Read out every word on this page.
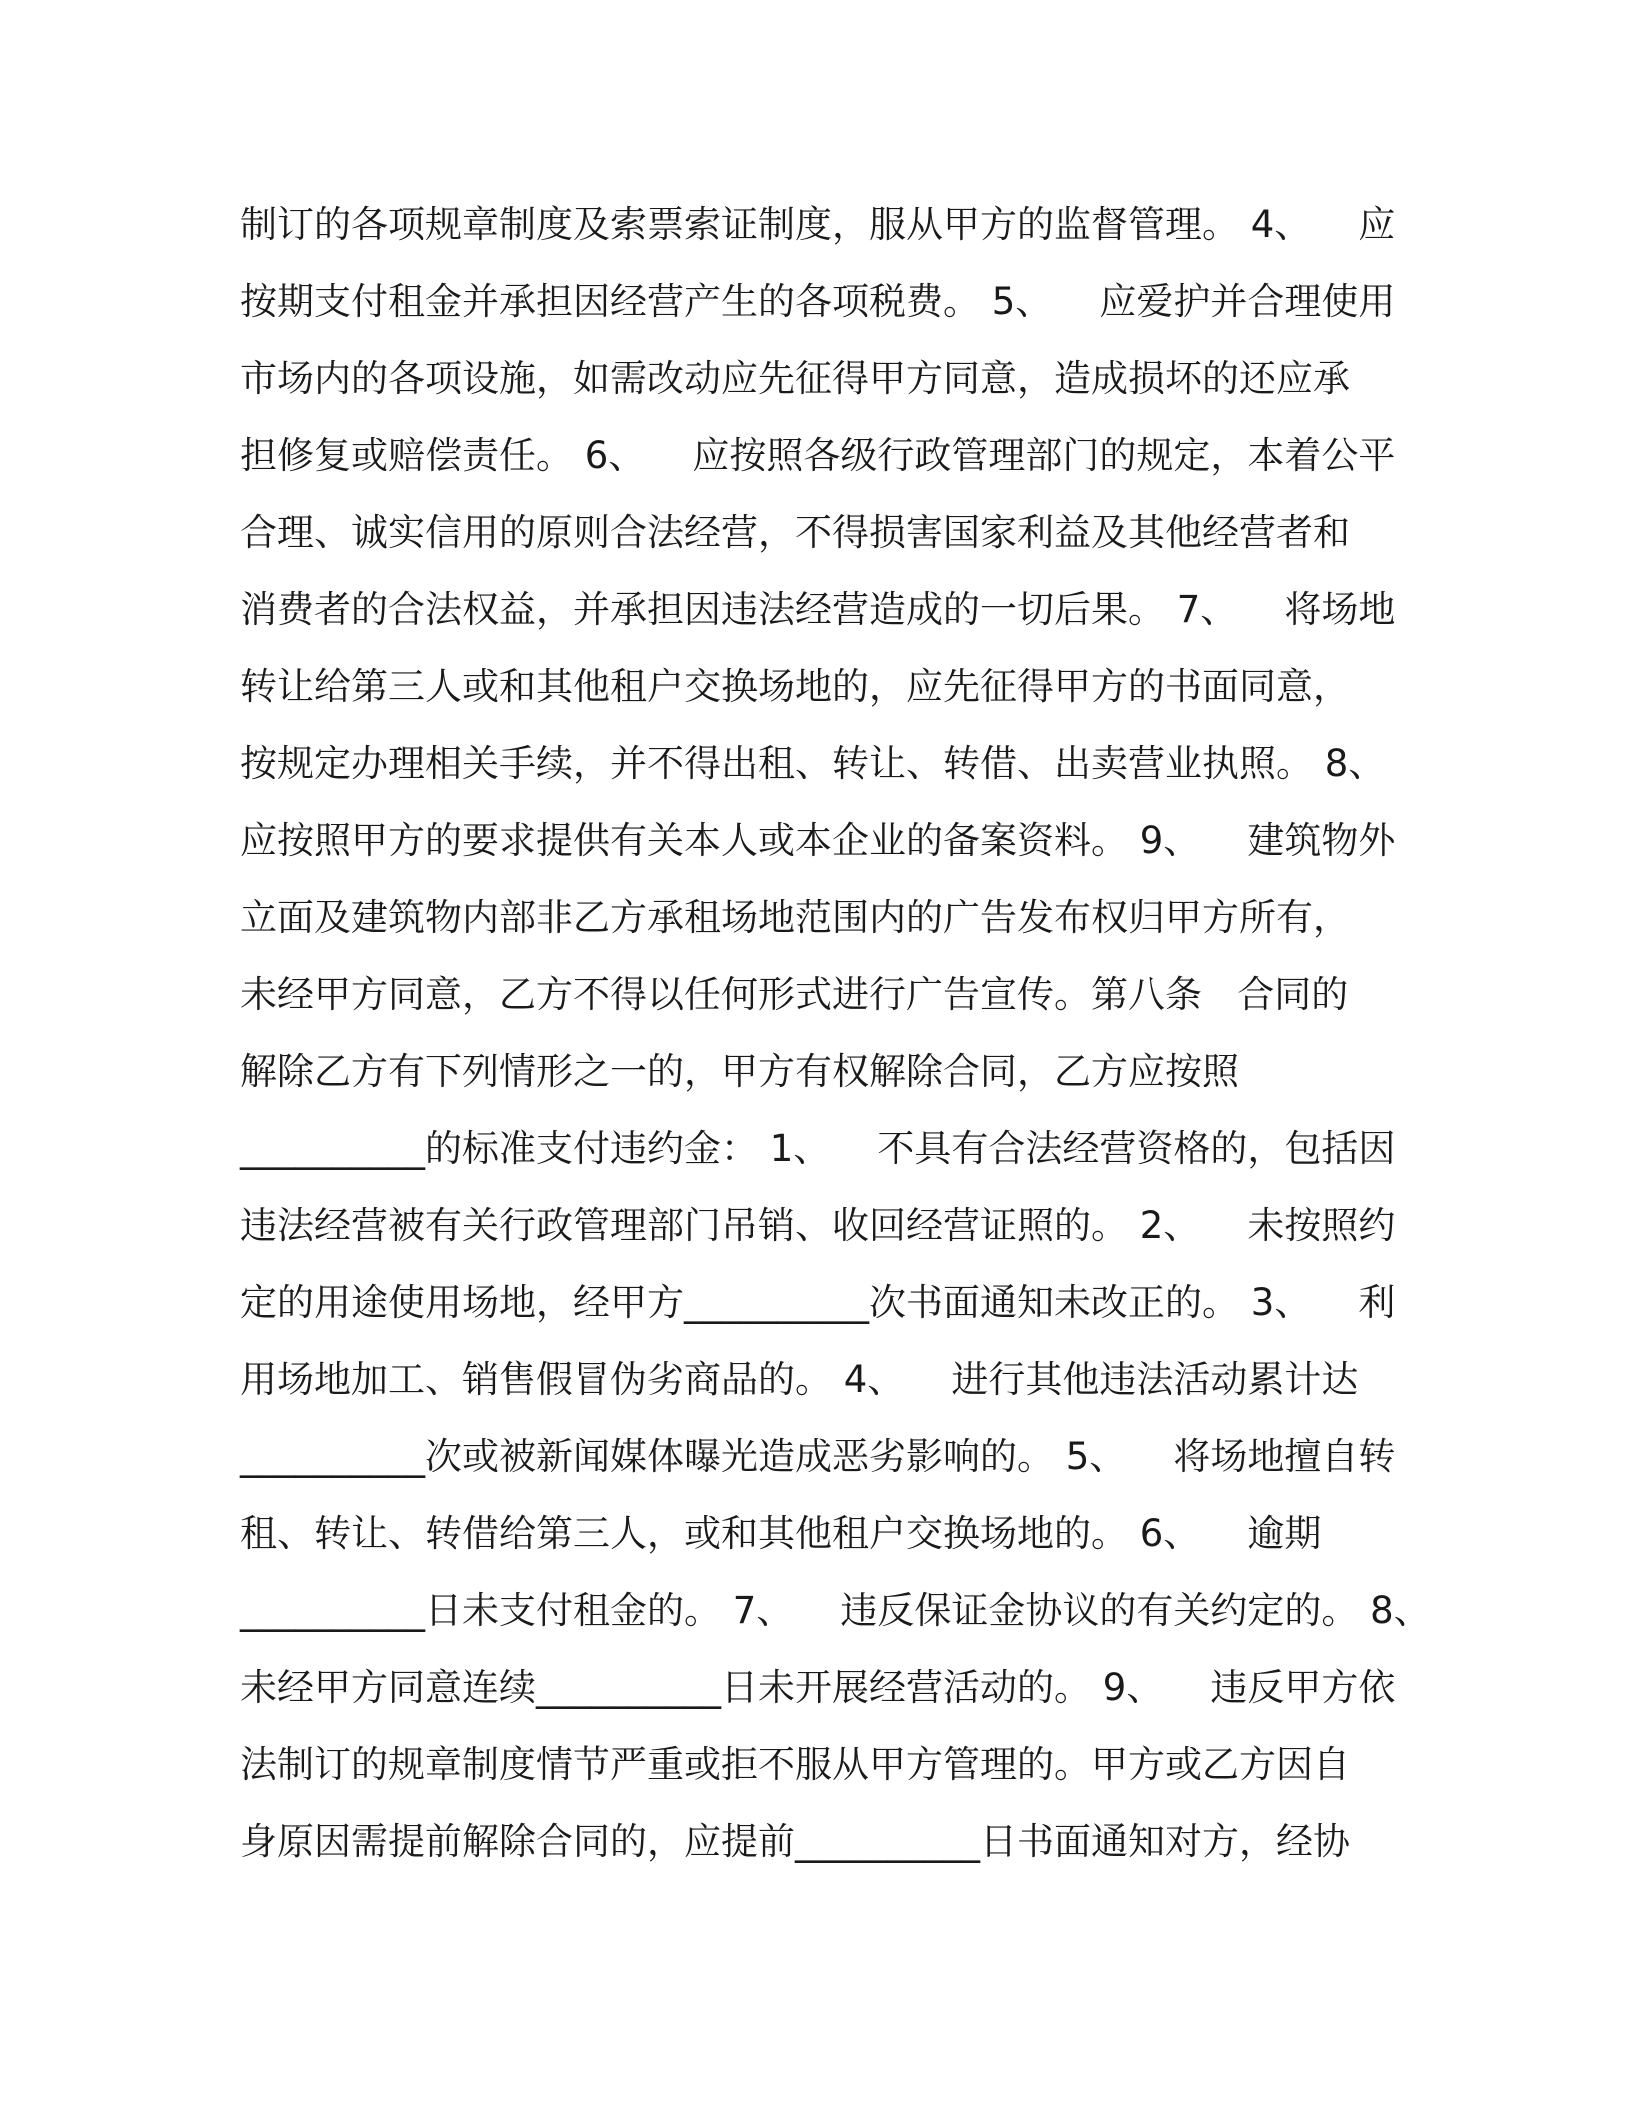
制订的各项规章制度及索票索证制度，服从甲方的监督管理。 4、    应
按期支付租金并承担因经营产生的各项税费。 5、    应爱护并合理使用
市场内的各项设施，如需改动应先征得甲方同意，造成损坏的还应承
担修复或赔偿责任。 6、    应按照各级行政管理部门的规定，本着公平
合理、诚实信用的原则合法经营，不得损害国家利益及其他经营者和
消费者的合法权益，并承担因违法经营造成的一切后果。 7、    将场地
转让给第三人或和其他租户交换场地的，应先征得甲方的书面同意，
按规定办理相关手续，并不得出租、转让、转借、出卖营业执照。 8、
应按照甲方的要求提供有关本人或本企业的备案资料。 9、    建筑物外
立面及建筑物内部非乙方承租场地范围内的广告发布权归甲方所有，
未经甲方同意，乙方不得以任何形式进行广告宣传。第八条   合同的
解除乙方有下列情形之一的，甲方有权解除合同，乙方应按照
__________的标准支付违约金： 1、    不具有合法经营资格的，包括因
违法经营被有关行政管理部门吊销、收回经营证照的。 2、    未按照约
定的用途使用场地，经甲方__________次书面通知未改正的。 3、    利
用场地加工、销售假冒伪劣商品的。 4、    进行其他违法活动累计达
__________次或被新闻媒体曝光造成恶劣影响的。 5、    将场地擅自转
租、转让、转借给第三人，或和其他租户交换场地的。 6、    逾期
__________日未支付租金的。 7、    违反保证金协议的有关约定的。 8、
未经甲方同意连续__________日未开展经营活动的。 9、    违反甲方依
法制订的规章制度情节严重或拒不服从甲方管理的。甲方或乙方因自
身原因需提前解除合同的，应提前__________日书面通知对方，经协
